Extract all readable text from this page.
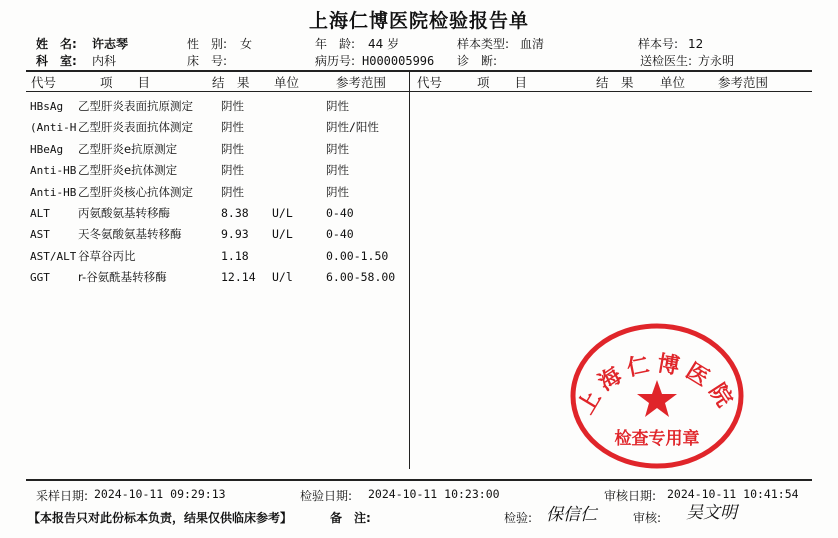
上海仁博医院检验报告单
姓　名: 许志琴	性　别: 女	年　龄: 44 岁	样本类型: 血清	样本号: 12
科　室: 内科	床　号:	病历号: H000005996 诊　断:	送检医生: 方永明
代号	项　　目	结　果 单位	参考范围 代号	项　　目	结　果 单位	参考范围
HBsAg	乙型肝炎表面抗原测定	阴性	阴性
(Anti-H 乙型肝炎表面抗体测定	阴性	阴性/阳性
HBeAg	乙型肝炎e抗原测定	阴性	阴性
Anti-HB 乙型肝炎e抗体测定	阴性	阴性
Anti-HB 乙型肝炎核心抗体测定	阴性	阴性
ALT	丙氨酸氨基转移酶	8.38 U/L	0-40
AST	天冬氨酸氨基转移酶	9.93 U/L	0-40
AST/ALT 谷草谷丙比	1.18	0.00-1.50
GGT	r-谷氨酰基转移酶	12.14 U/l	6.00-58.00
上海仁博医院
检查专用章
采样日期: 2024-10-11 09:29:13	检验日期: 2024-10-11 10:23:00	审核日期: 2024-10-11 10:41:54
【本报告只对此份标本负责，结果仅供临床参考】	备　注:	检验: 保信仁	审核: 吴文明
